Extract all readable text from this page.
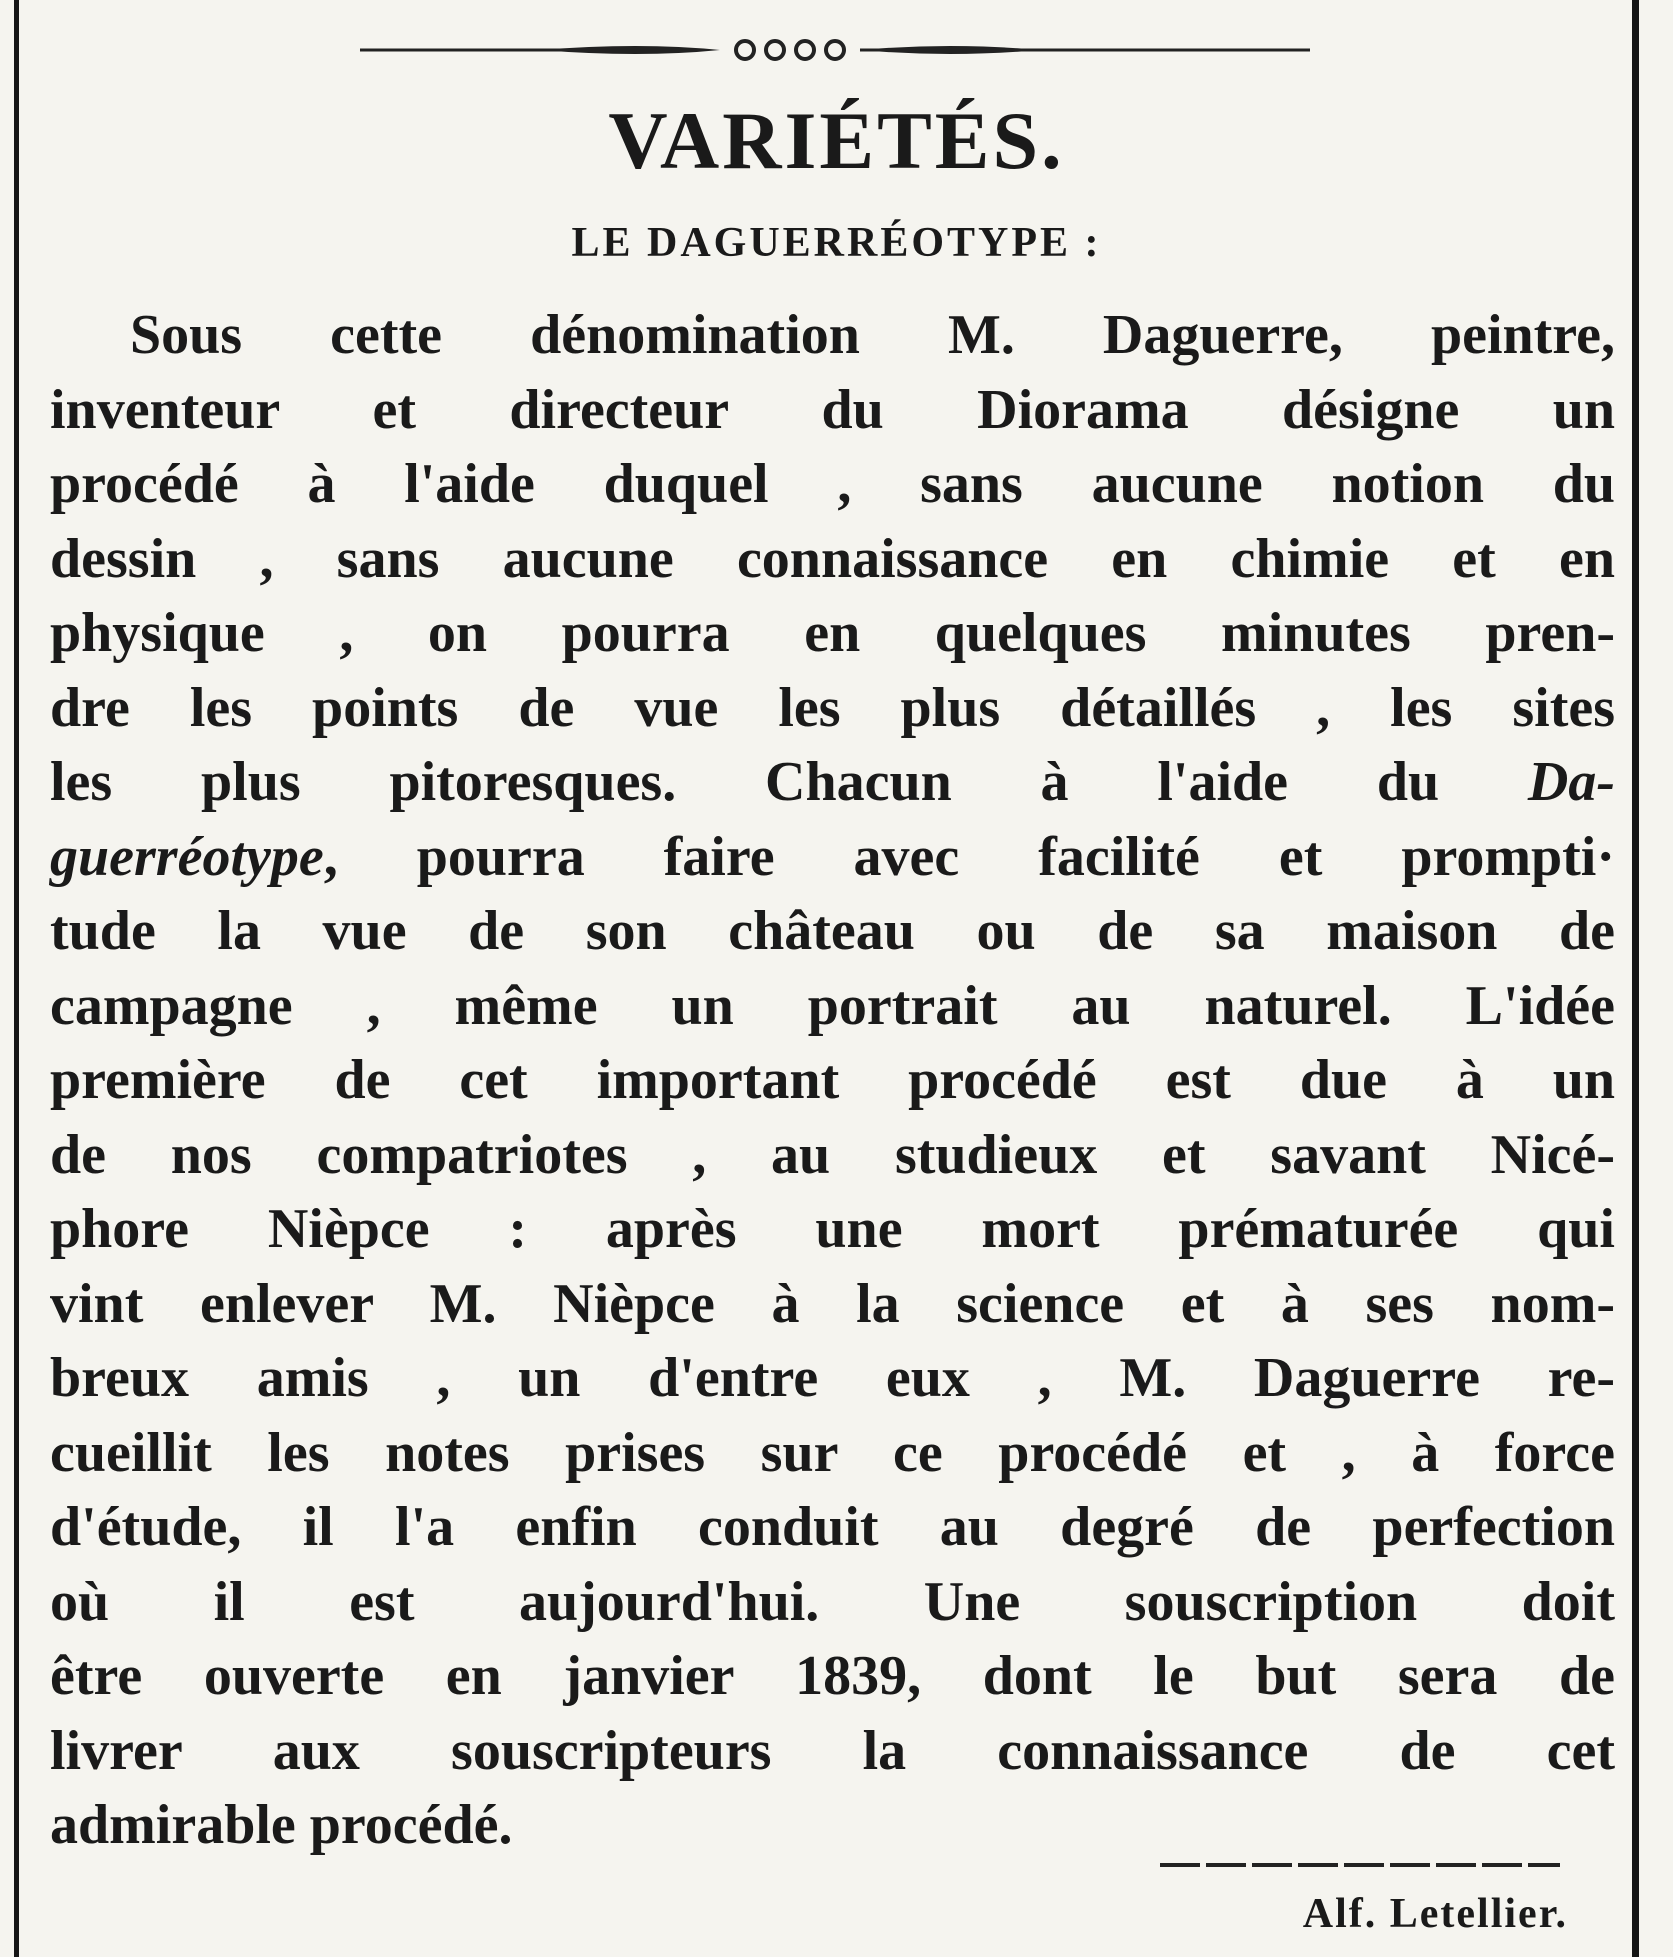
VARIÉTÉS.
LE DAGUERRÉOTYPE :
Sous cette dénomination M. Daguerre, peintre,
inventeur et directeur du Diorama désigne un
procédé à l'aide duquel , sans aucune notion du
dessin , sans aucune connaissance en chimie et en
physique , on pourra en quelques minutes pren-
dre les points de vue les plus détaillés , les sites
les plus pitoresques. Chacun à l'aide du Da-
guerréotype, pourra faire avec facilité et prompti·
tude la vue de son château ou de sa maison de
campagne , même un portrait au naturel. L'idée
première de cet important procédé est due à un
de nos compatriotes , au studieux et savant Nicé-
phore Nièpce : après une mort prématurée qui
vint enlever M. Nièpce à la science et à ses nom-
breux amis , un d'entre eux , M. Daguerre re-
cueillit les notes prises sur ce procédé et , à force
d'étude, il l'a enfin conduit au degré de perfection
où il est aujourd'hui. Une souscription doit
être ouverte en janvier 1839, dont le but sera de
livrer aux souscripteurs la connaissance de cet
admirable procédé.
Alf. Letellier.
